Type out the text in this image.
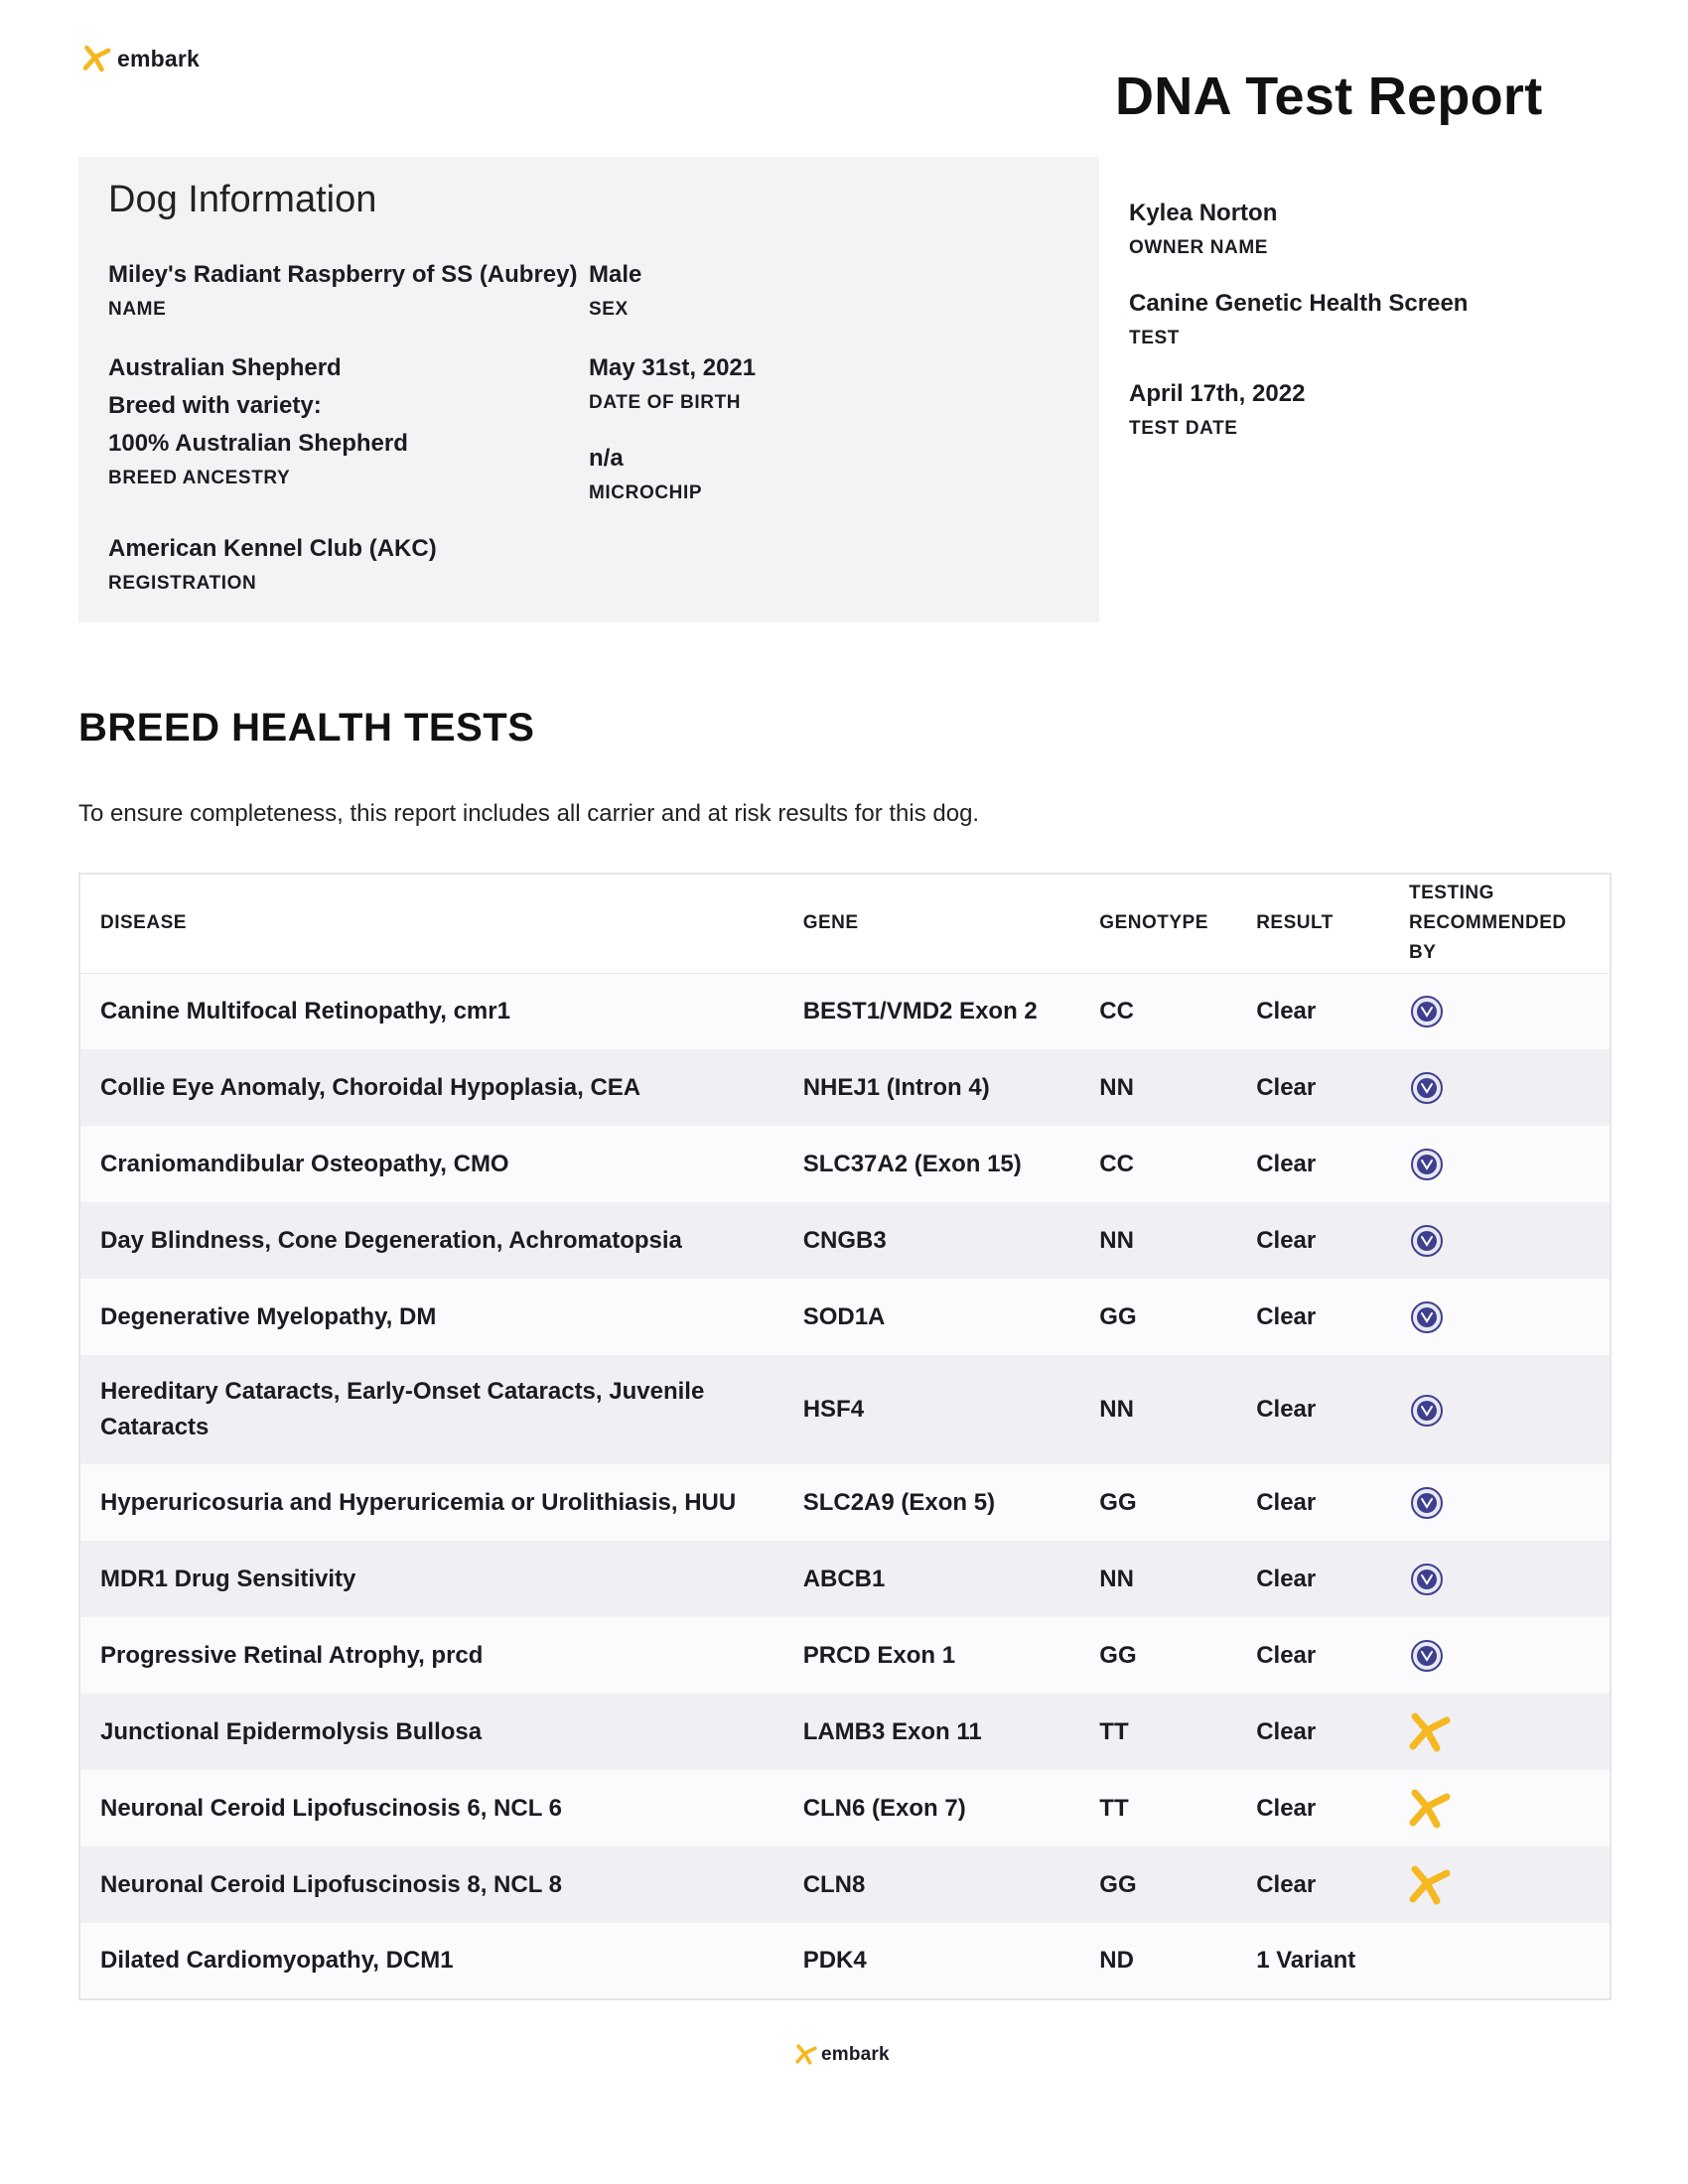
embark
DNA Test Report
Dog Information
Miley's Radiant Raspberry of SS (Aubrey)
NAME
Male
SEX
Australian Shepherd
Breed with variety:
100% Australian Shepherd
BREED ANCESTRY
May 31st, 2021
DATE OF BIRTH
n/a
MICROCHIP
American Kennel Club (AKC)
REGISTRATION
Kylea Norton
OWNER NAME
Canine Genetic Health Screen
TEST
April 17th, 2022
TEST DATE
BREED HEALTH TESTS

To ensure completeness, this report includes all carrier and at risk results for this dog.

DISEASE	GENE	GENOTYPE	RESULT	TESTING RECOMMENDED BY
Canine Multifocal Retinopathy, cmr1	BEST1/VMD2 Exon 2	CC	Clear	
Collie Eye Anomaly, Choroidal Hypoplasia, CEA	NHEJ1 (Intron 4)	NN	Clear	
Craniomandibular Osteopathy, CMO	SLC37A2 (Exon 15)	CC	Clear	
Day Blindness, Cone Degeneration, Achromatopsia	CNGB3	NN	Clear	
Degenerative Myelopathy, DM	SOD1A	GG	Clear	
Hereditary Cataracts, Early-Onset Cataracts, Juvenile Cataracts	HSF4	NN	Clear	
Hyperuricosuria and Hyperuricemia or Urolithiasis, HUU	SLC2A9 (Exon 5)	GG	Clear	
MDR1 Drug Sensitivity	ABCB1	NN	Clear	
Progressive Retinal Atrophy, prcd	PRCD Exon 1	GG	Clear	
Junctional Epidermolysis Bullosa	LAMB3 Exon 11	TT	Clear	
Neuronal Ceroid Lipofuscinosis 6, NCL 6	CLN6 (Exon 7)	TT	Clear	
Neuronal Ceroid Lipofuscinosis 8, NCL 8	CLN8	GG	Clear	
Dilated Cardiomyopathy, DCM1	PDK4	ND	1 Variant	
embark
